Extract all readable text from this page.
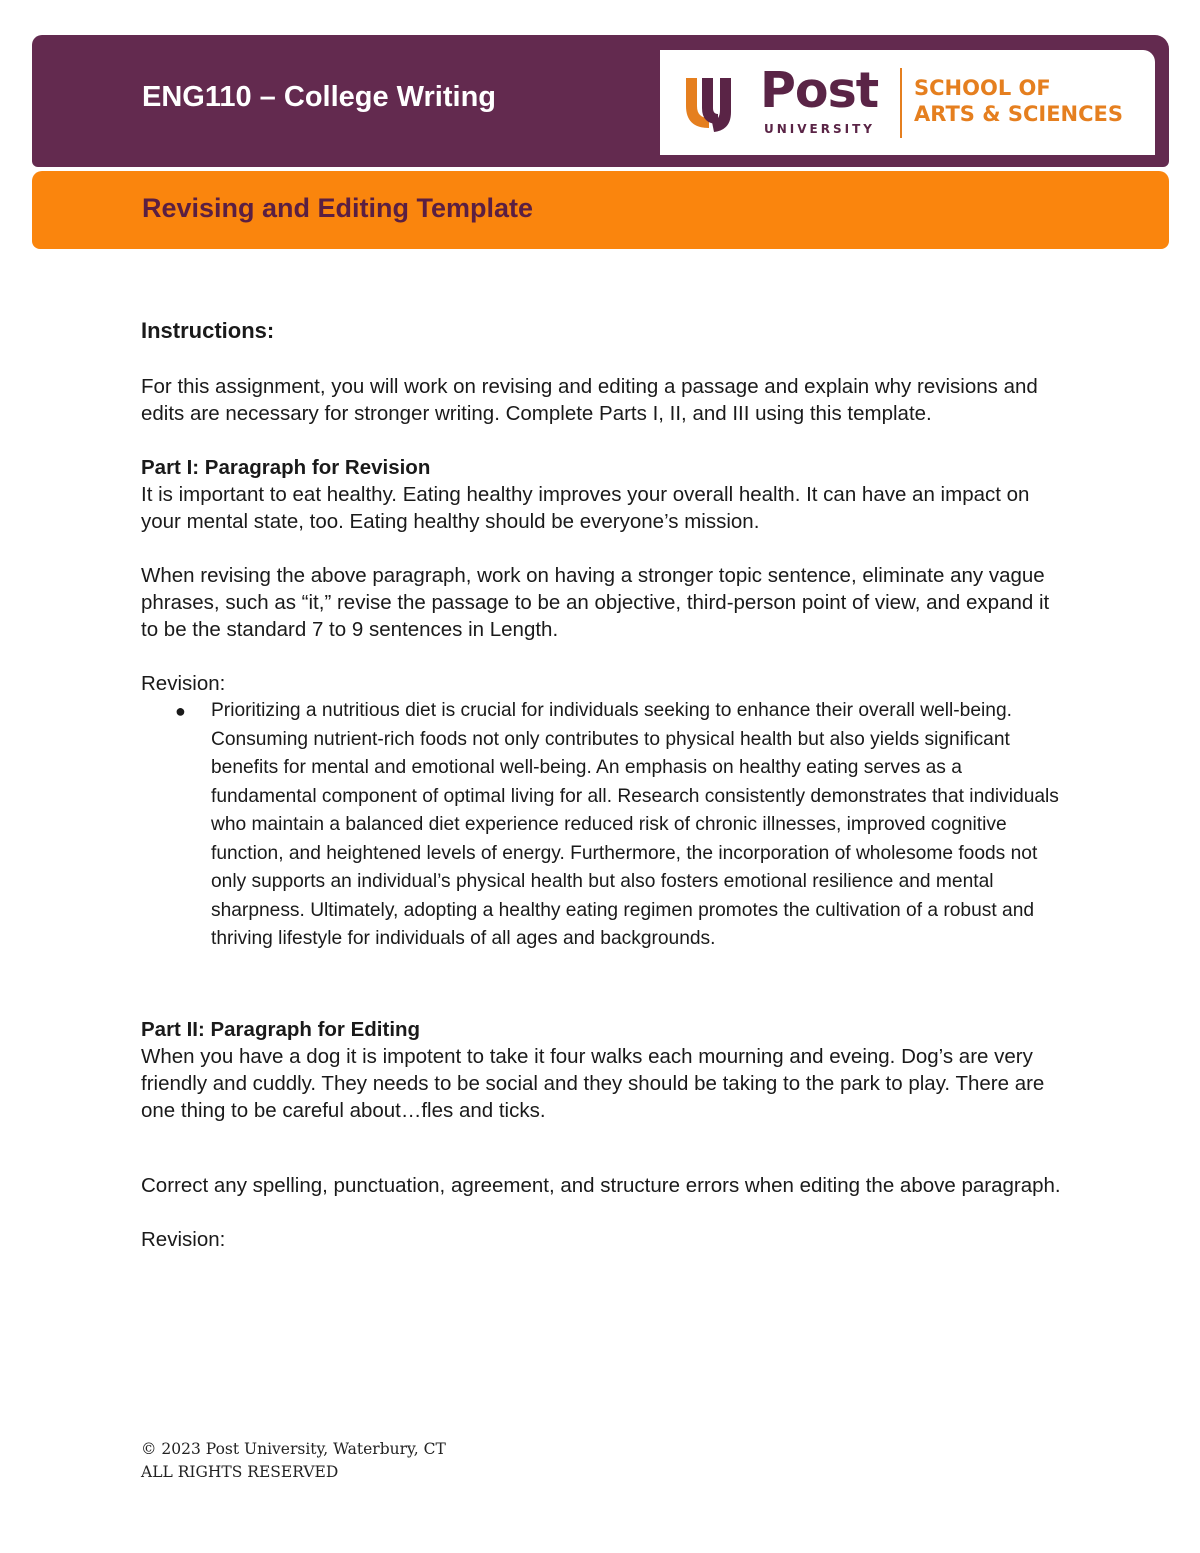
ENG110 – College Writing	Post
UNIVERSITY
SCHOOL OF
ARTS & SCIENCES
Revising and Editing Template

Instructions:

For this assignment, you will work on revising and editing a passage and explain why revisions and edits are necessary for stronger writing. Complete Parts I, II, and III using this template.

Part I: Paragraph for Revision

It is important to eat healthy. Eating healthy improves your overall health. It can have an impact on your mental state, too. Eating healthy should be everyone’s mission.

When revising the above paragraph, work on having a stronger topic sentence, eliminate any vague phrases, such as “it,” revise the passage to be an objective, third-person point of view, and expand it to be the standard 7 to 9 sentences in Length.

Revision:

● Prioritizing a nutritious diet is crucial for individuals seeking to enhance their overall well-being. Consuming nutrient-rich foods not only contributes to physical health but also yields significant benefits for mental and emotional well-being. An emphasis on healthy eating serves as a fundamental component of optimal living for all. Research consistently demonstrates that individuals who maintain a balanced diet experience reduced risk of chronic illnesses, improved cognitive function, and heightened levels of energy. Furthermore, the incorporation of wholesome foods not only supports an individual’s physical health but also fosters emotional resilience and mental sharpness. Ultimately, adopting a healthy eating regimen promotes the cultivation of a robust and thriving lifestyle for individuals of all ages and backgrounds.

Part II: Paragraph for Editing

When you have a dog it is impotent to take it four walks each mourning and eveing. Dog’s are very friendly and cuddly. They needs to be social and they should be taking to the park to play. There are one thing to be careful about…fles and ticks.

Correct any spelling, punctuation, agreement, and structure errors when editing the above paragraph.

Revision:

© 2023 Post University, Waterbury, CT
ALL RIGHTS RESERVED
